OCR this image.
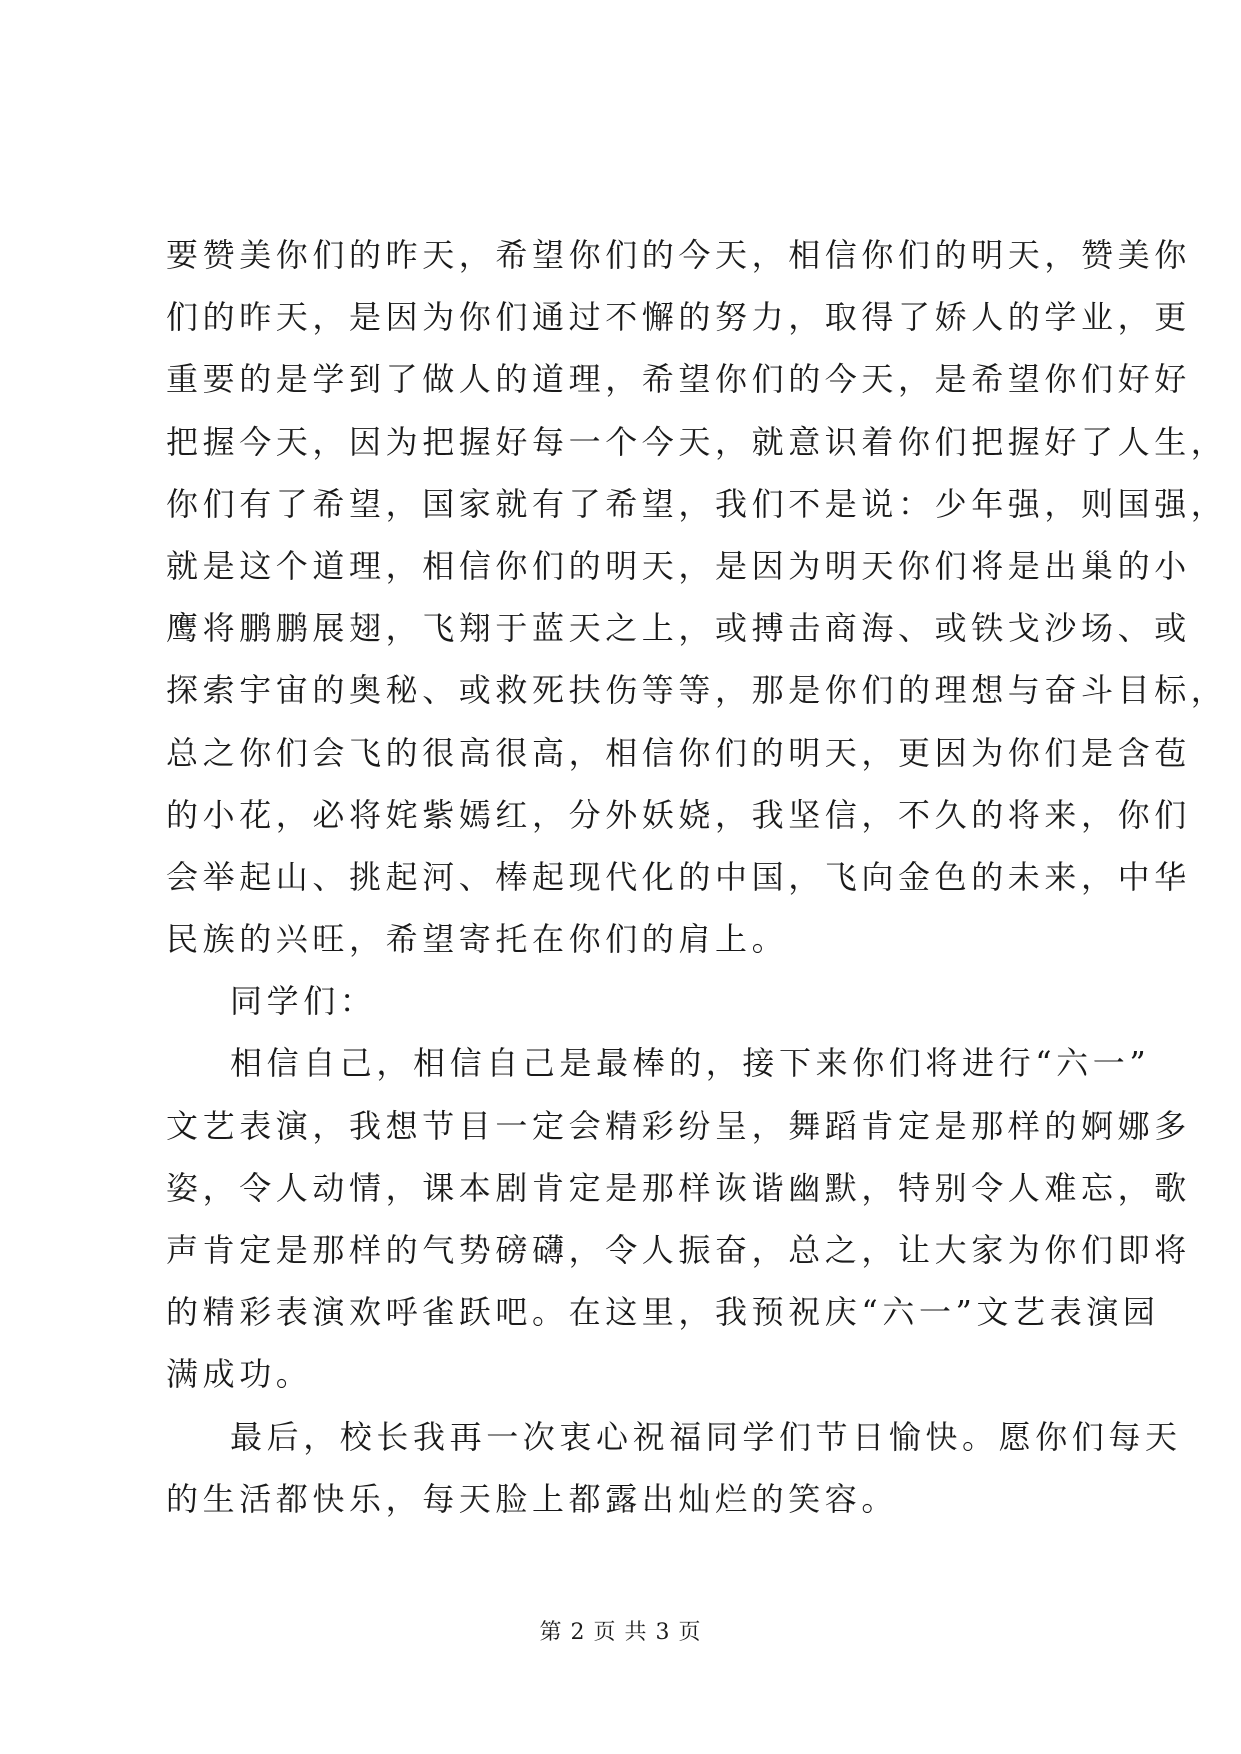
要赞美你们的昨天，希望你们的今天，相信你们的明天，赞美你
们的昨天，是因为你们通过不懈的努力，取得了娇人的学业，更
重要的是学到了做人的道理，希望你们的今天，是希望你们好好
把握今天，因为把握好每一个今天，就意识着你们把握好了人生，
你们有了希望，国家就有了希望，我们不是说：少年强，则国强，
就是这个道理，相信你们的明天，是因为明天你们将是出巢的小
鹰将鹏鹏展翅，飞翔于蓝天之上，或搏击商海、或铁戈沙场、或
探索宇宙的奥秘、或救死扶伤等等，那是你们的理想与奋斗目标，
总之你们会飞的很高很高，相信你们的明天，更因为你们是含苞
的小花，必将姹紫嫣红，分外妖娆，我坚信，不久的将来，你们
会举起山、挑起河、棒起现代化的中国，飞向金色的未来，中华
民族的兴旺，希望寄托在你们的肩上。
同学们：
相信自己，相信自己是最棒的，接下来你们将进行“六一”
文艺表演，我想节目一定会精彩纷呈，舞蹈肯定是那样的婀娜多
姿，令人动情，课本剧肯定是那样诙谐幽默，特别令人难忘，歌
声肯定是那样的气势磅礴，令人振奋，总之，让大家为你们即将
的精彩表演欢呼雀跃吧。在这里，我预祝庆“六一”文艺表演园
满成功。
最后，校长我再一次衷心祝福同学们节日愉快。愿你们每天
的生活都快乐，每天脸上都露出灿烂的笑容。
第 2 页 共 3 页
